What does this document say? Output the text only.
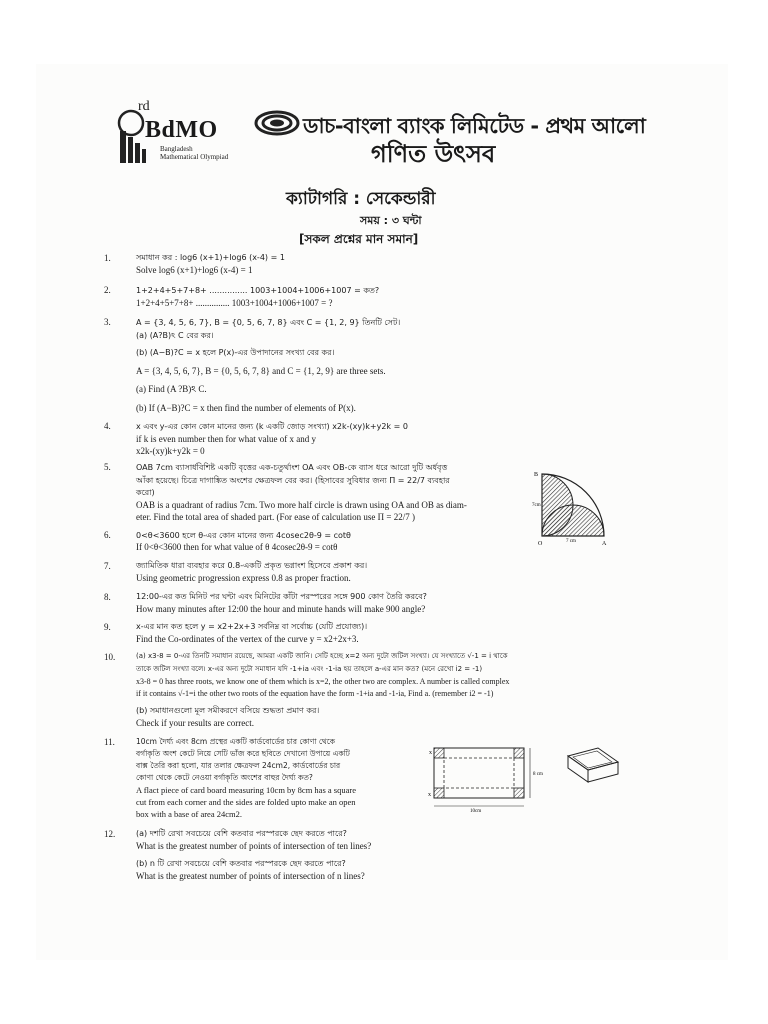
rd
BdMO
Bangladesh
Mathematical Olympiad
ডাচ-বাংলা ব্যাংক লিমিটেড - প্রথম আলো
গণিত উৎসব
ক্যাটাগরি : সেকেন্ডারী
সময় : ৩ ঘন্টা
[সকল প্রশ্নের মান সমান]
1.	সমাধান কর : log6 (x+1)+log6 (x-4) = 1
Solve log6 (x+1)+log6 (x-4) = 1
2.	1+2+4+5+7+8+ ............... 1003+1004+1006+1007 = কত?
1+2+4+5+7+8+ ............... 1003+1004+1006+1007 = ?
3.	A = {3, 4, 5, 6, 7}, B = {0, 5, 6, 7, 8} এবং C = {1, 2, 9} তিনটি সেট।
(a) (A?B)ঽ C বের কর।
(b) (A−B)?C = x হলে P(x)-এর উপাদানের সংখ্যা বের কর।
A = {3, 4, 5, 6, 7}, B = {0, 5, 6, 7, 8} and C = {1, 2, 9} are three sets.
(a) Find (A ?B)ঽ C.
(b) If (A−B)?C = x then find the number of elements of P(x).
4.	x এবং y-এর কোন কোন মানের জন্য (k একটি জোড় সংখ্যা) x2k-(xy)k+y2k = 0
if k is even number then for what value of x and y
x2k-(xy)k+y2k = 0
5.	OAB 7cm ব্যাসার্ধবিশিষ্ট একটি বৃত্তের এক-চতুর্থাংশ OA এবং OB-কে ব্যাস ধরে আরো দুটি অর্ধবৃত্ত
আঁকা হয়েছে। চিত্রে দাগাঙ্কিত অংশের ক্ষেত্রফল বের কর। (হিসাবের সুবিধার জন্য Π = 22/7 ব্যবহার
করো)
OAB is a quadrant of radius 7cm. Two more half circle is drawn using OA and OB as diam-
eter. Find the total area of shaded part. (For ease of calculation use Π = 22/7 )
B
7cm
O	7 cm	A
6.	0<θ<3600 হলে θ-এর কোন মানের জন্য 4cosec2θ-9 = cotθ
If 0<θ<3600 then for what value of θ 4cosec2θ-9 = cotθ
7.	জ্যামিতিক ধারা ব্যবহার করে 0.8-একটি প্রকৃত ভগ্নাংশ হিসেবে প্রকাশ কর।
Using geometric progression express 0.8 as proper fraction.
8.	12:00-এর কত মিনিট পর ঘন্টা এবং মিনিটের কাঁটা পরস্পরের সঙ্গে 900 কোণ তৈরি করবে?
How many minutes after 12:00 the hour and minute hands will make 900 angle?
9.	x-এর মান কত হলে y = x2+2x+3 সর্বনিম্ন বা সর্বোচ্চ (যেটি প্রযোজ্য)।
Find the Co-ordinates of the vertex of the curve y = x2+2x+3.
10.	(a) x3-8 = 0-এর তিনটি সমাধান রয়েছে, আমরা একটি জানি। সেটি হচ্ছে x=2 অন্য দুটো জটিল সংখ্যা। যে সংখ্যাতে √-1 = i থাকে
তাকে জটিল সংখ্যা বলে। x-এর অন্য দুটো সমাধান যদি -1+ia এবং -1-ia হয় তাহলে a-এর মান কত? (মনে রেখো i2 = -1)
x3-8 = 0 has three roots, we know one of them which is x=2, the other two are complex. A number is called complex
if it contains √-1=i the other two roots of the equation have the form -1+ia and -1-ia, Find a. (remember i2 = -1)
(b) সমাধানগুলো মূল সমীকরণে বসিয়ে শুদ্ধতা প্রমাণ কর।
Check if your results are correct.
11.	10cm দৈর্ঘ্য এবং 8cm প্রস্থের একটি কার্ডবোর্ডের চার কোণা থেকে
বর্গাকৃতি অংশ কেটে নিয়ে সেটি ভাঁজ করে ছবিতে দেখানো উপায়ে একটি
বাক্স তৈরি করা হলো, যার তলার ক্ষেত্রফল 24cm2, কার্ডবোর্ডের চার
কোণা থেকে কেটে নেওয়া বর্গাকৃতি অংশের বাহুর দৈর্ঘ্য কত?
A flact piece of card board measuring 10cm by 8cm has a square
cut from each corner and the sides are folded upto make an open
box with a base of area 24cm2.
x
x
10cm
8 cm
12.	(a) দশটি রেখা সবচেয়ে বেশি কতবার পরস্পরকে ছেদ করতে পারে?
What is the greatest number of points of intersection of ten lines?
(b) n টি রেখা সবচেয়ে বেশি কতবার পরস্পরকে ছেদ করতে পারে?
What is the greatest number of points of intersection of n lines?
